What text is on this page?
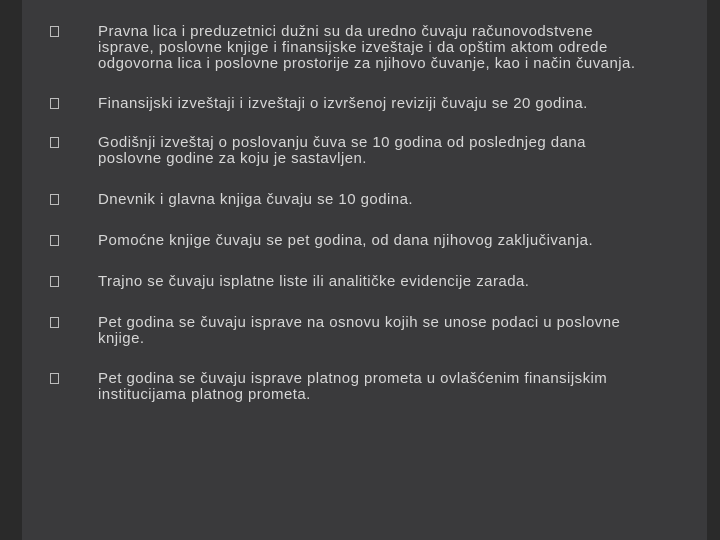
Pravna lica i preduzetnici dužni su da uredno čuvaju računovodstvene isprave, poslovne knjige i finansijske izveštaje i da opštim aktom odrede odgovorna lica i poslovne prostorije za njihovo čuvanje, kao i način čuvanja.
Finansijski izveštaji i izveštaji o izvršenoj reviziji čuvaju se 20 godina.
Godišnji izveštaj o poslovanju čuva se 10 godina od poslednjeg dana poslovne godine za koju je sastavljen.
Dnevnik i glavna knjiga čuvaju se 10 godina.
Pomoćne knjige čuvaju se pet godina, od dana njihovog zaključivanja.
Trajno se čuvaju isplatne liste ili analitičke evidencije zarada.
Pet godina se čuvaju isprave na osnovu kojih se unose podaci u poslovne knjige.
Pet godina se čuvaju isprave platnog prometa u ovlašćenim finansijskim institucijama platnog prometa.
